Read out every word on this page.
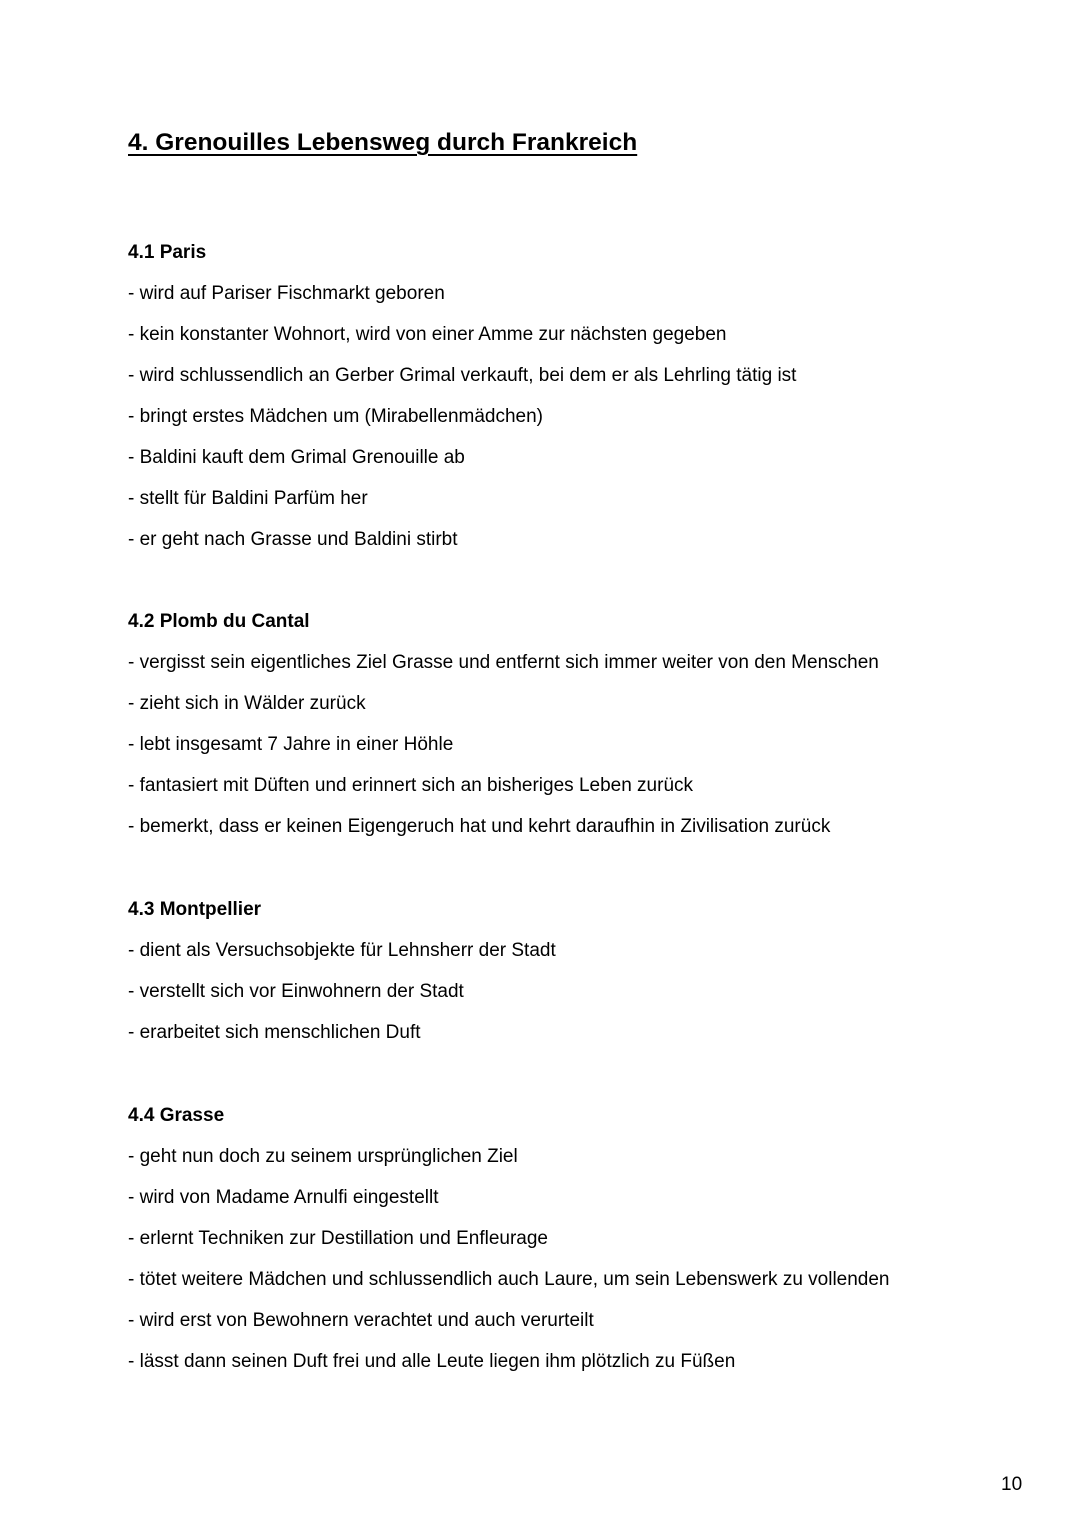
4. Grenouilles Lebensweg durch Frankreich
4.1 Paris
- wird auf Pariser Fischmarkt geboren
- kein konstanter Wohnort, wird von einer Amme zur nächsten gegeben
- wird schlussendlich an Gerber Grimal verkauft, bei dem er als Lehrling tätig ist
- bringt erstes Mädchen um (Mirabellenmädchen)
- Baldini kauft dem Grimal Grenouille ab
- stellt für Baldini Parfüm her
- er geht nach Grasse und Baldini stirbt
4.2 Plomb du Cantal
- vergisst sein eigentliches Ziel Grasse und entfernt sich immer weiter von den Menschen
- zieht sich in Wälder zurück
- lebt insgesamt 7 Jahre in einer Höhle
- fantasiert mit Düften und erinnert sich an bisheriges Leben zurück
- bemerkt, dass er keinen Eigengeruch hat und kehrt daraufhin in Zivilisation zurück
4.3 Montpellier
- dient als Versuchsobjekte für Lehnsherr der Stadt
- verstellt sich vor Einwohnern der Stadt
- erarbeitet sich menschlichen Duft
4.4 Grasse
- geht nun doch zu seinem ursprünglichen Ziel
- wird von Madame Arnulfi eingestellt
- erlernt Techniken zur Destillation und Enfleurage
- tötet weitere Mädchen und schlussendlich auch Laure, um sein Lebenswerk zu vollenden
- wird erst von Bewohnern verachtet und auch verurteilt
- lässt dann seinen Duft frei und alle Leute liegen ihm plötzlich zu Füßen
10
